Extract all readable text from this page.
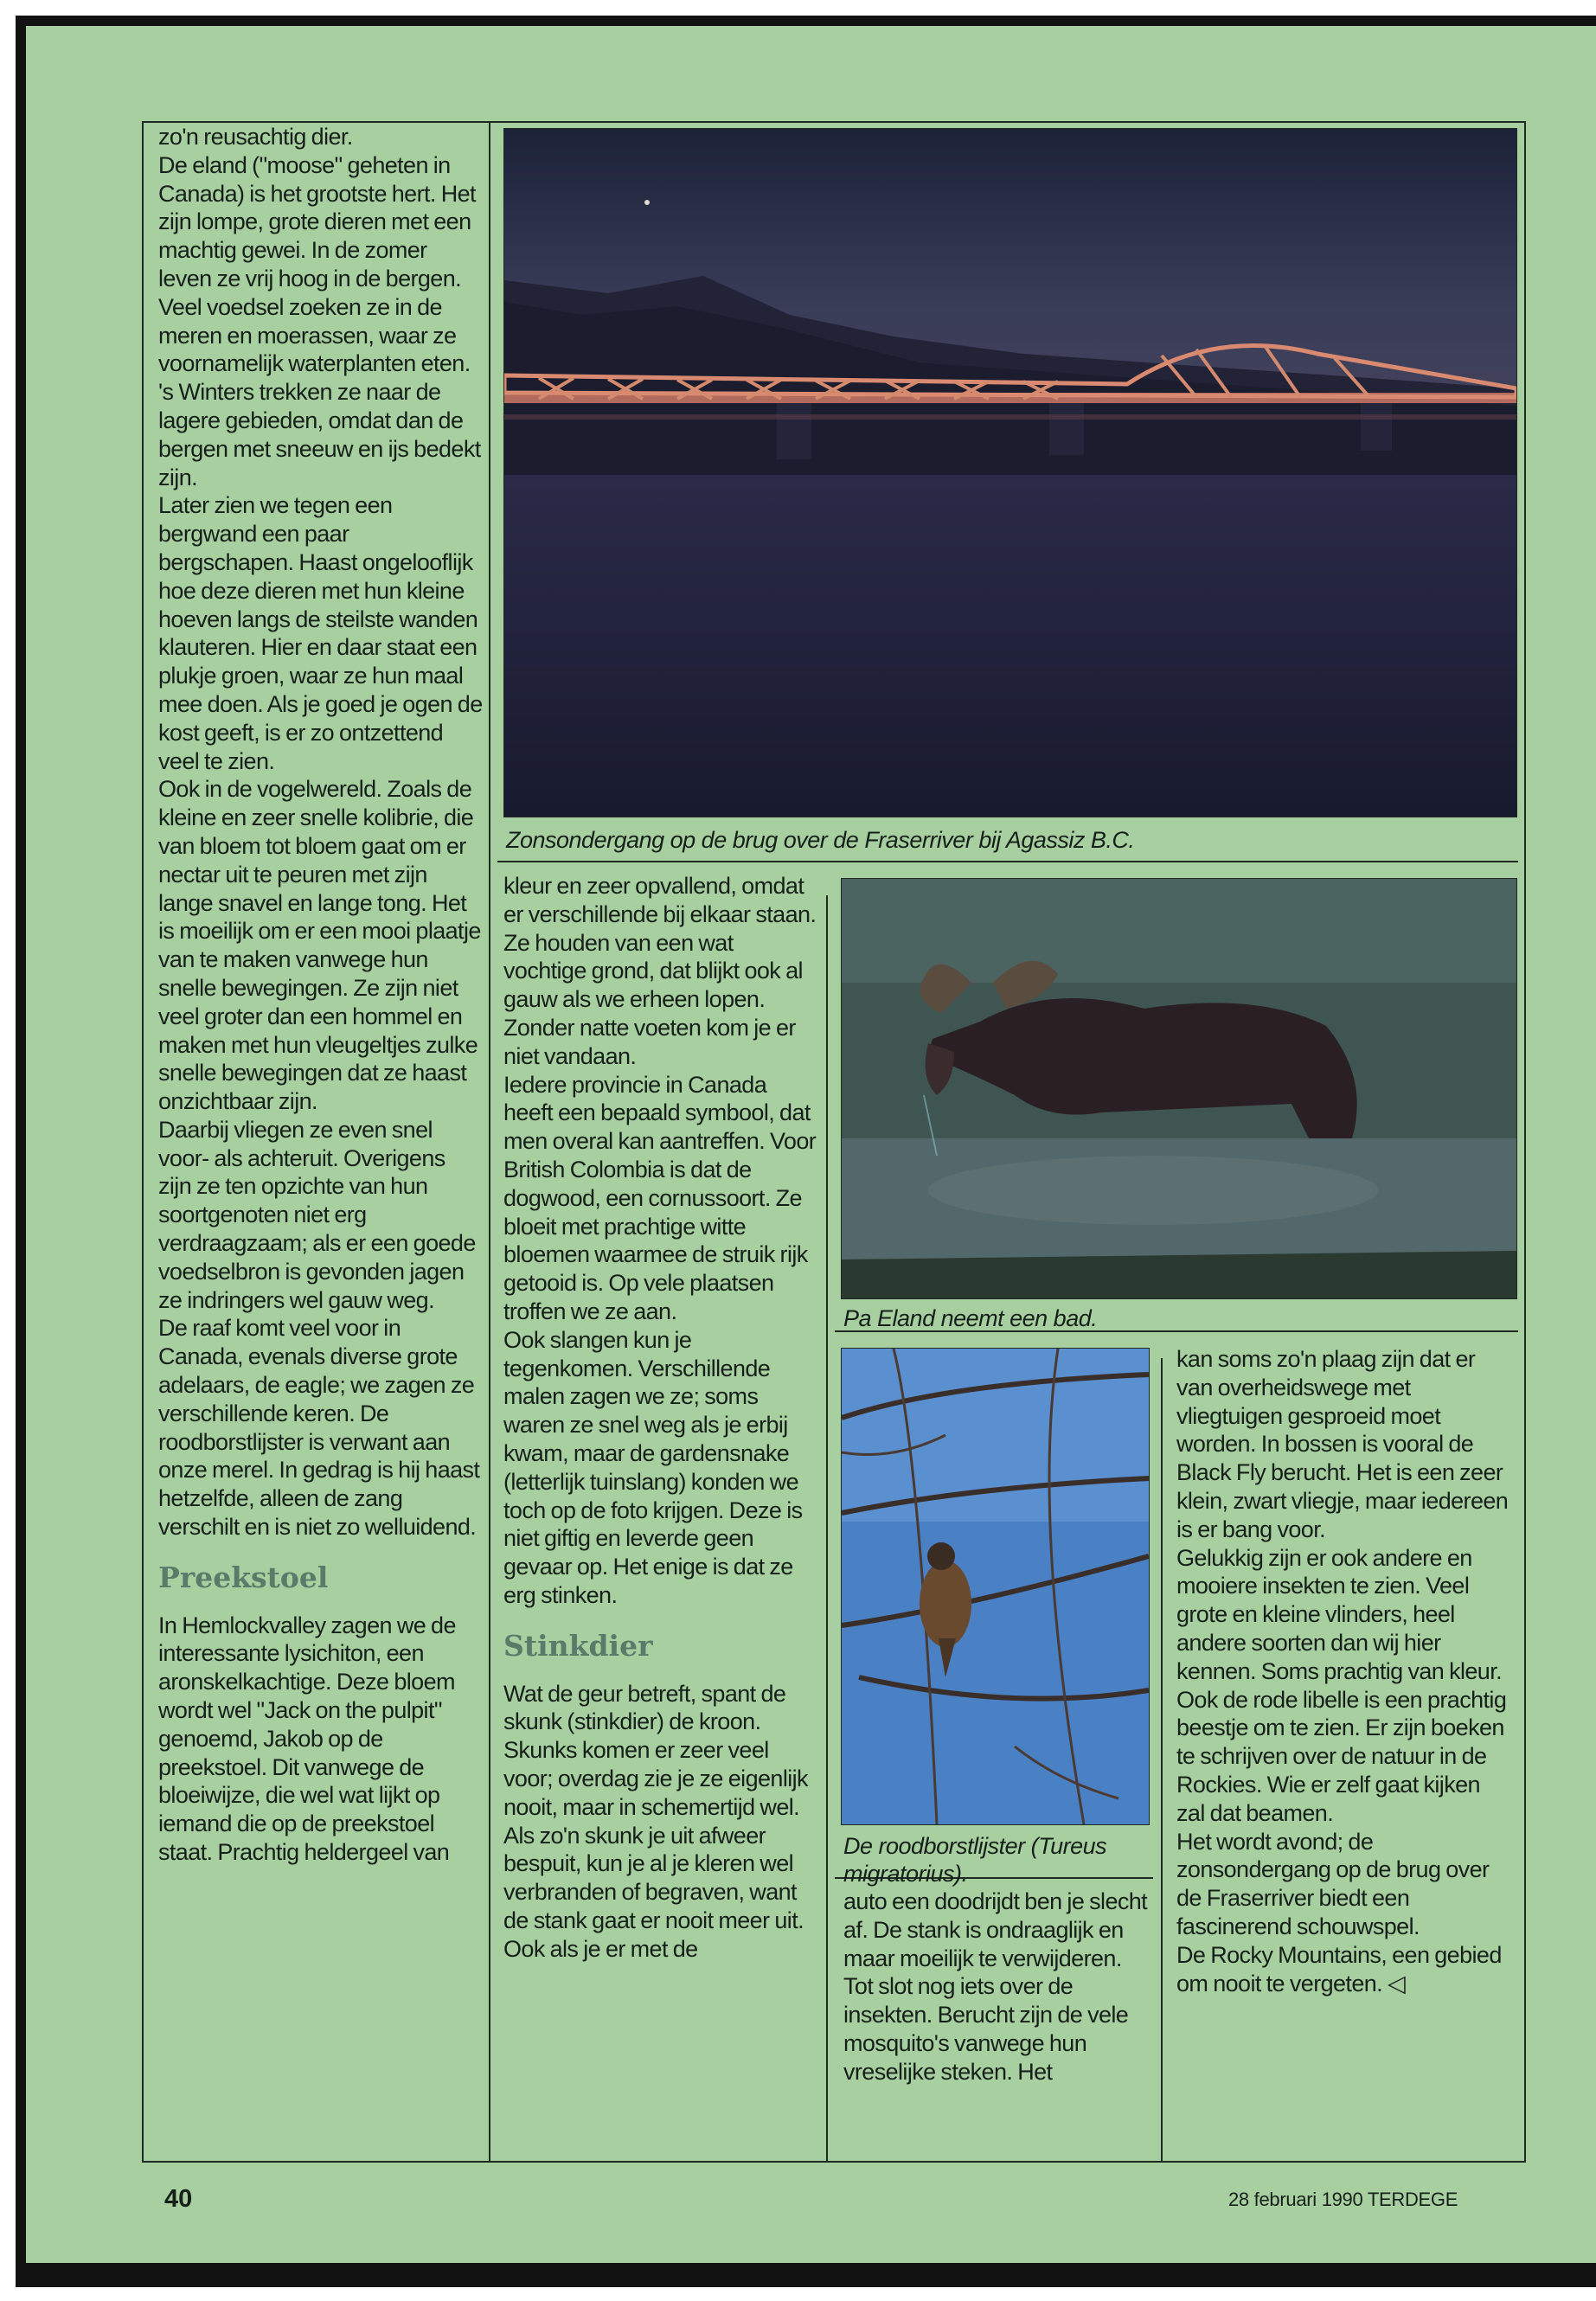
zo'n reusachtig dier.

De eland ("moose" geheten in Canada) is het grootste hert. Het zijn lompe, grote dieren met een machtig gewei. In de zomer leven ze vrij hoog in de bergen. Veel voedsel zoeken ze in de meren en moerassen, waar ze voornamelijk waterplanten eten. 's Winters trekken ze naar de lagere gebieden, omdat dan de bergen met sneeuw en ijs bedekt zijn.

Later zien we tegen een bergwand een paar bergschapen. Haast ongelooflijk hoe deze dieren met hun kleine hoeven langs de steilste wanden klauteren. Hier en daar staat een plukje groen, waar ze hun maal mee doen. Als je goed je ogen de kost geeft, is er zo ontzettend veel te zien.

Ook in de vogelwereld. Zoals de kleine en zeer snelle kolibrie, die van bloem tot bloem gaat om er nectar uit te peuren met zijn lange snavel en lange tong. Het is moeilijk om er een mooi plaatje van te maken vanwege hun snelle bewegingen. Ze zijn niet veel groter dan een hommel en maken met hun vleugeltjes zulke snelle bewegingen dat ze haast onzichtbaar zijn.

Daarbij vliegen ze even snel voor- als achteruit. Overigens zijn ze ten opzichte van hun soortgenoten niet erg verdraagzaam; als er een goede voedselbron is gevonden jagen ze indringers wel gauw weg.

De raaf komt veel voor in Canada, evenals diverse grote adelaars, de eagle; we zagen ze verschillende keren. De roodborstlijster is verwant aan onze merel. In gedrag is hij haast hetzelfde, alleen de zang verschilt en is niet zo welluidend.

Preekstoel

In Hemlockvalley zagen we de interessante lysichiton, een aronskelkachtige. Deze bloem wordt wel "Jack on the pulpit" genoemd, Jakob op de preekstoel. Dit vanwege de bloeiwijze, die wel wat lijkt op iemand die op de preekstoel staat. Prachtig heldergeel van

Zonsondergang op de brug over de Fraserriver bij Agassiz B.C.

kleur en zeer opvallend, omdat er verschillende bij elkaar staan. Ze houden van een wat vochtige grond, dat blijkt ook al gauw als we erheen lopen. Zonder natte voeten kom je er niet vandaan.

Iedere provincie in Canada heeft een bepaald symbool, dat men overal kan aantreffen. Voor British Colombia is dat de dogwood, een cornussoort. Ze bloeit met prachtige witte bloemen waarmee de struik rijk getooid is. Op vele plaatsen troffen we ze aan.

Ook slangen kun je tegenkomen. Verschillende malen zagen we ze; soms waren ze snel weg als je erbij kwam, maar de gardensnake (letterlijk tuinslang) konden we toch op de foto krijgen. Deze is niet giftig en leverde geen gevaar op. Het enige is dat ze erg stinken.

Stinkdier

Wat de geur betreft, spant de skunk (stinkdier) de kroon. Skunks komen er zeer veel voor; overdag zie je ze eigenlijk nooit, maar in schemertijd wel. Als zo'n skunk je uit afweer bespuit, kun je al je kleren wel verbranden of begraven, want de stank gaat er nooit meer uit. Ook als je er met de

Pa Eland neemt een bad.
De roodborstlijster (Tureus migratorius).

auto een doodrijdt ben je slecht af. De stank is ondraaglijk en maar moeilijk te verwijderen.

Tot slot nog iets over de insekten. Berucht zijn de vele mosquito's vanwege hun vreselijke steken. Het

kan soms zo'n plaag zijn dat er van overheidswege met vliegtuigen gesproeid moet worden. In bossen is vooral de Black Fly berucht. Het is een zeer klein, zwart vliegje, maar iedereen is er bang voor.

Gelukkig zijn er ook andere en mooiere insekten te zien. Veel grote en kleine vlinders, heel andere soorten dan wij hier kennen. Soms prachtig van kleur.

Ook de rode libelle is een prachtig beestje om te zien. Er zijn boeken te schrijven over de natuur in de Rockies. Wie er zelf gaat kijken zal dat beamen.

Het wordt avond; de zonsondergang op de brug over de Fraserriver biedt een fascinerend schouwspel.

De Rocky Mountains, een gebied om nooit te vergeten. ◁

40	28 februari 1990 TERDEGE
